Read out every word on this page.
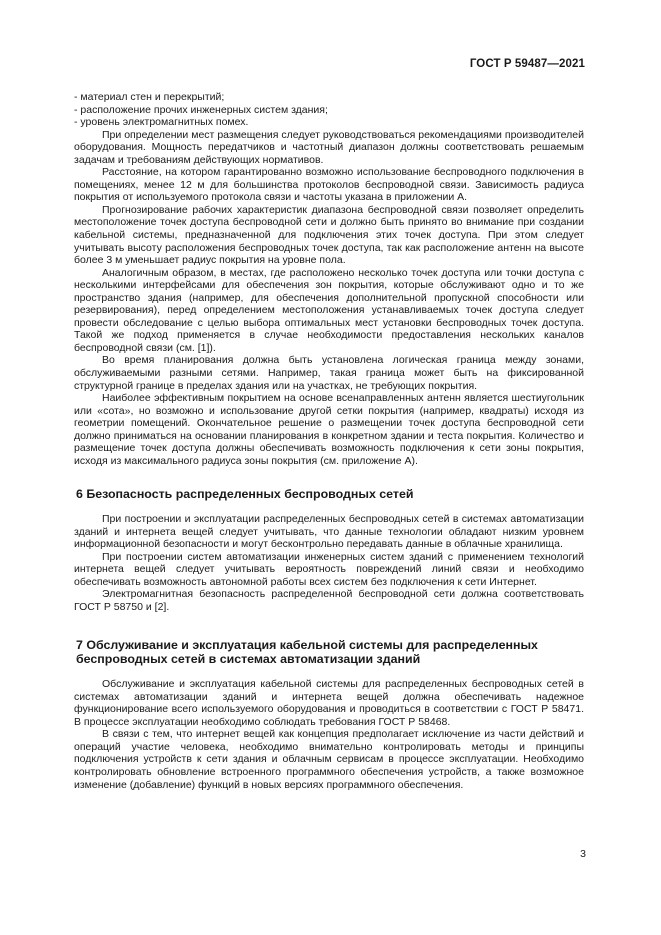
ГОСТ Р 59487—2021

- материал стен и перекрытий;

- расположение прочих инженерных систем здания;

- уровень электромагнитных помех.

При определении мест размещения следует руководствоваться рекомендациями производителей оборудования. Мощность передатчиков и частотный диапазон должны соответствовать решаемым задачам и требованиям действующих нормативов.

Расстояние, на котором гарантированно возможно использование беспроводного подключения в помещениях, менее 12 м для большинства протоколов беспроводной связи. Зависимость радиуса покрытия от используемого протокола связи и частоты указана в приложении А.

Прогнозирование рабочих характеристик диапазона беспроводной связи позволяет определить местоположение точек доступа беспроводной сети и должно быть принято во внимание при создании кабельной системы, предназначенной для подключения этих точек доступа. При этом следует учитывать высоту расположения беспроводных точек доступа, так как расположение антенн на высоте более 3 м уменьшает радиус покрытия на уровне пола.

Аналогичным образом, в местах, где расположено несколько точек доступа или точки доступа с несколькими интерфейсами для обеспечения зон покрытия, которые обслуживают одно и то же пространство здания (например, для обеспечения дополнительной пропускной способности или резервирования), перед определением местоположения устанавливаемых точек доступа следует провести обследование с целью выбора оптимальных мест установки беспроводных точек доступа. Такой же подход применяется в случае необходимости предоставления нескольких каналов беспроводной связи (см. [1]).

Во время планирования должна быть установлена логическая граница между зонами, обслуживаемыми разными сетями. Например, такая граница может быть на фиксированной структурной границе в пределах здания или на участках, не требующих покрытия.

Наиболее эффективным покрытием на основе всенаправленных антенн является шестиугольник или «сота», но возможно и использование другой сетки покрытия (например, квадраты) исходя из геометрии помещений. Окончательное решение о размещении точек доступа беспроводной сети должно приниматься на основании планирования в конкретном здании и теста покрытия. Количество и размещение точек доступа должны обеспечивать возможность подключения к сети зоны покрытия, исходя из максимального радиуса зоны покрытия (см. приложение А).

6 Безопасность распределенных беспроводных сетей

При построении и эксплуатации распределенных беспроводных сетей в системах автоматизации зданий и интернета вещей следует учитывать, что данные технологии обладают низким уровнем информационной безопасности и могут бесконтрольно передавать данные в облачные хранилища.

При построении систем автоматизации инженерных систем зданий с применением технологий интернета вещей следует учитывать вероятность повреждений линий связи и необходимо обеспечивать возможность автономной работы всех систем без подключения к сети Интернет.

Электромагнитная безопасность распределенной беспроводной сети должна соответствовать ГОСТ Р 58750 и [2].

7 Обслуживание и эксплуатация кабельной системы для распределенных беспроводных сетей в системах автоматизации зданий

Обслуживание и эксплуатация кабельной системы для распределенных беспроводных сетей в системах автоматизации зданий и интернета вещей должна обеспечивать надежное функционирование всего используемого оборудования и проводиться в соответствии с ГОСТ Р 58471. В процессе эксплуатации необходимо соблюдать требования ГОСТ Р 58468.

В связи с тем, что интернет вещей как концепция предполагает исключение из части действий и операций участие человека, необходимо внимательно контролировать методы и принципы подключения устройств к сети здания и облачным сервисам в процессе эксплуатации. Необходимо контролировать обновление встроенного программного обеспечения устройств, а также возможное изменение (добавление) функций в новых версиях программного обеспечения.

3
